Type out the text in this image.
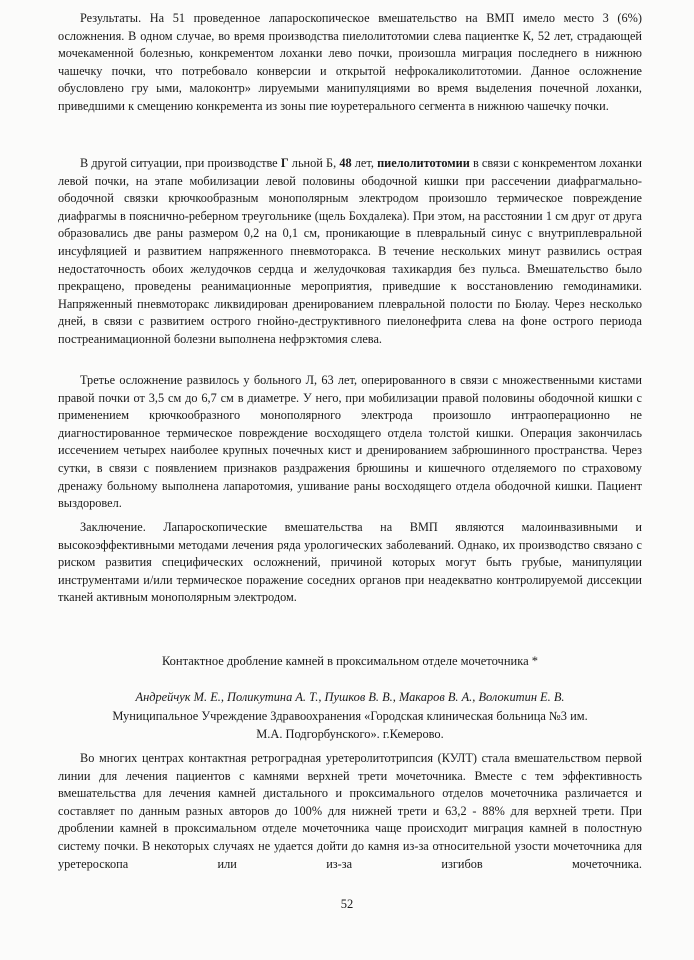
Результаты. На 51 проведенное лапароскопическое вмешательство на ВМП имело место 3 (6%) осложнения. В одном случае, во время производства пиелолитотомии слева пациентке К, 52 лет, страдающей мочекаменной болезнью, конкрементом лоханки лево почки, произошла миграция последнего в нижнюю чашечку почки, что потребовало конверсии и открытой нефрокаликолитотомии. Данное осложнение обусловлено гру ыми, малоконтр» лируемыми манипуляциями во время выделения почечной лоханки, приведшими к смещению конкремента из зоны пие юуретерального сегмента в нижнюю чашечку почки.

В другой ситуации, при производстве Г льной Б, 48 лет, пиелолитотомии в связи с конкрементом лоханки левой почки, на этапе мобилизации левой половины ободочной кишки при рассечении диафрагмально-ободочной связки крючкообразным монополярным электродом произошло термическое повреждение диафрагмы в пояснично-реберном треугольнике (щель Бохдалека). При этом, на расстоянии 1 см друг от друга образовались две раны размером 0,2 на 0,1 см, проникающие в плевральный синус с внутриплевральной инсуфляцией и развитием напряженного пневмоторакса. В течение нескольких минут развились острая недостаточность обоих желудочков сердца и желудочковая тахикардия без пульса. Вмешательство было прекращено, проведены реанимационные мероприятия, приведшие к восстановлению гемодинамики. Напряженный пневмоторакс ликвидирован дренированием плевральной полости по Бюлау. Через несколько дней, в связи с развитием острого гнойно-деструктивного пиелонефрита слева на фоне острого периода постреанимационной болезни выполнена нефрэктомия слева.

Третье осложнение развилось у больного Л, 63 лет, оперированного в связи с множественными кистами правой почки от 3,5 см до 6,7 см в диаметре. У него, при мобилизации правой половины ободочной кишки с применением крючкообразного монополярного электрода произошло интраоперационно не диагностированное термическое повреждение восходящего отдела толстой кишки. Операция закончилась иссечением четырех наиболее крупных почечных кист и дренированием забрюшинного пространства. Через сутки, в связи с появлением признаков раздражения брюшины и кишечного отделяемого по страховому дренажу больному выполнена лапаротомия, ушивание раны восходящего отдела ободочной кишки. Пациент выздоровел.

Заключение. Лапароскопические вмешательства на ВМП являются малоинвазивными и высокоэффективными методами лечения ряда урологических заболеваний. Однако, их производство связано с риском развития специфических осложнений, причиной которых могут быть грубые, манипуляции инструментами и/или термическое поражение соседних органов при неадекватно контролируемой диссекции тканей активным монополярным электродом.

Контактное дробление камней в проксимальном отделе мочеточника *

Андрейчук М. Е., Поликутина А. Т., Пушков В. В., Макаров В. А., Волокитин Е. В.

Муниципальное Учреждение Здравоохранения «Городская клиническая больница №3 им.
М.А. Подгорбунского». г.Кемерово.

Во многих центрах контактная ретроградная уретеролитотрипсия (КУЛТ) стала вмешательством первой линии для лечения пациентов с камнями верхней трети мочеточника. Вместе с тем эффективность вмешательства для лечения камней дистального и проксимального отделов мочеточника различается и составляет по данным разных авторов до 100% для нижней трети и 63,2 - 88% для верхней трети. При дроблении камней в проксимальном отделе мочеточника чаще происходит миграция камней в полостную систему почки. В некоторых случаях не удается дойти до камня из-за относительной узости мочеточника для уретероскопа или из-за изгибов мочеточника.

52
